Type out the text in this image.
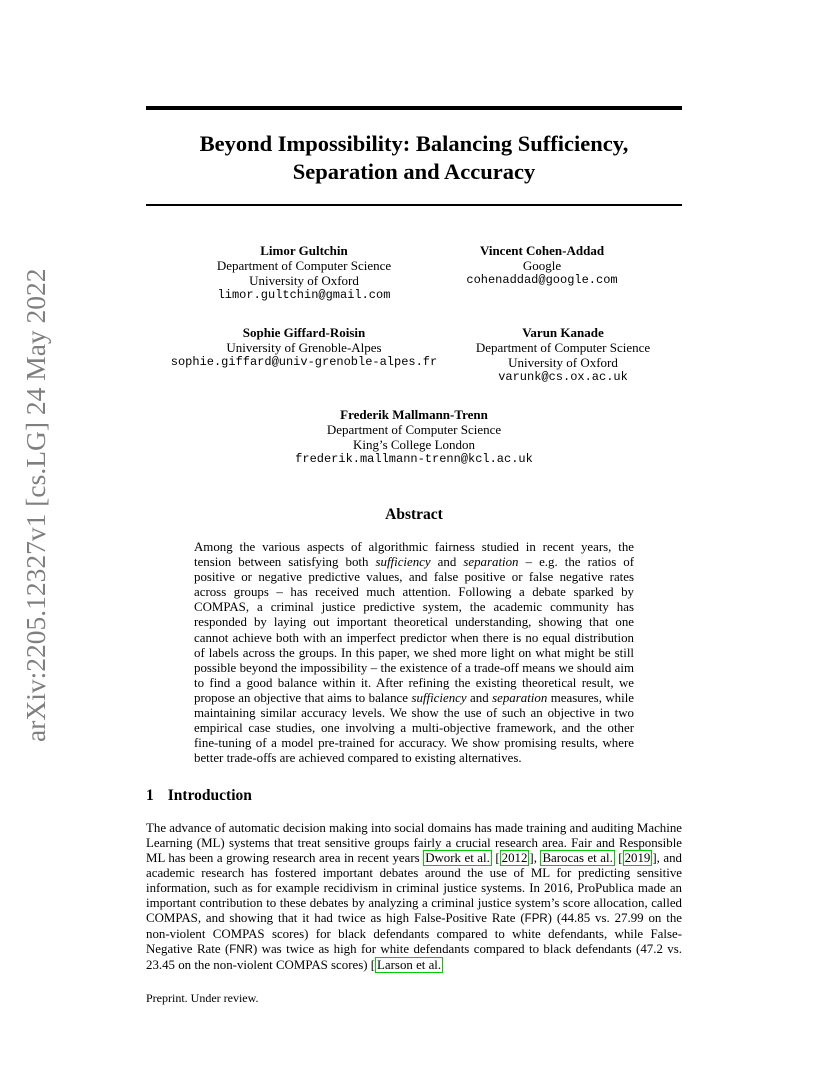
arXiv:2205.12327v1 [cs.LG] 24 May 2022
Beyond Impossibility: Balancing Sufficiency,
Separation and Accuracy
Limor Gultchin
Department of Computer Science
University of Oxford
limor.gultchin@gmail.com
Vincent Cohen-Addad
Google
cohenaddad@google.com
Sophie Giffard-Roisin
University of Grenoble-Alpes
sophie.giffard@univ-grenoble-alpes.fr
Varun Kanade
Department of Computer Science
University of Oxford
varunk@cs.ox.ac.uk
Frederik Mallmann-Trenn
Department of Computer Science
King’s College London
frederik.mallmann-trenn@kcl.ac.uk
Abstract
Among the various aspects of algorithmic fairness studied in recent years, the tension between satisfying both sufficiency and separation – e.g. the ratios of positive or negative predictive values, and false positive or false negative rates across groups – has received much attention. Following a debate sparked by COMPAS, a criminal justice predictive system, the academic community has responded by laying out important theoretical understanding, showing that one cannot achieve both with an imperfect predictor when there is no equal distribution of labels across the groups. In this paper, we shed more light on what might be still possible beyond the impossibility – the existence of a trade-off means we should aim to find a good balance within it. After refining the existing theoretical result, we propose an objective that aims to balance sufficiency and separation measures, while maintaining similar accuracy levels. We show the use of such an objective in two empirical case studies, one involving a multi-objective framework, and the other fine-tuning of a model pre-trained for accuracy. We show promising results, where better trade-offs are achieved compared to existing alternatives.
1 Introduction
The advance of automatic decision making into social domains has made training and auditing Machine Learning (ML) systems that treat sensitive groups fairly a crucial research area. Fair and Responsible ML has been a growing research area in recent years Dwork et al. [ 2012 ], Barocas et al. [ 2019 ], and academic research has fostered important debates around the use of ML for predicting sensitive information, such as for example recidivism in criminal justice systems. In 2016, ProPublica made an important contribution to these debates by analyzing a criminal justice system’s score allocation, called COMPAS, and showing that it had twice as high False-Positive Rate (FPR) (44.85 vs. 27.99 on the non-violent COMPAS scores) for black defendants compared to white defendants, while False-Negative Rate (FNR) was twice as high for white defendants compared to black defendants (47.2 vs. 23.45 on the non-violent COMPAS scores) [ Larson et al.
Preprint. Under review.
